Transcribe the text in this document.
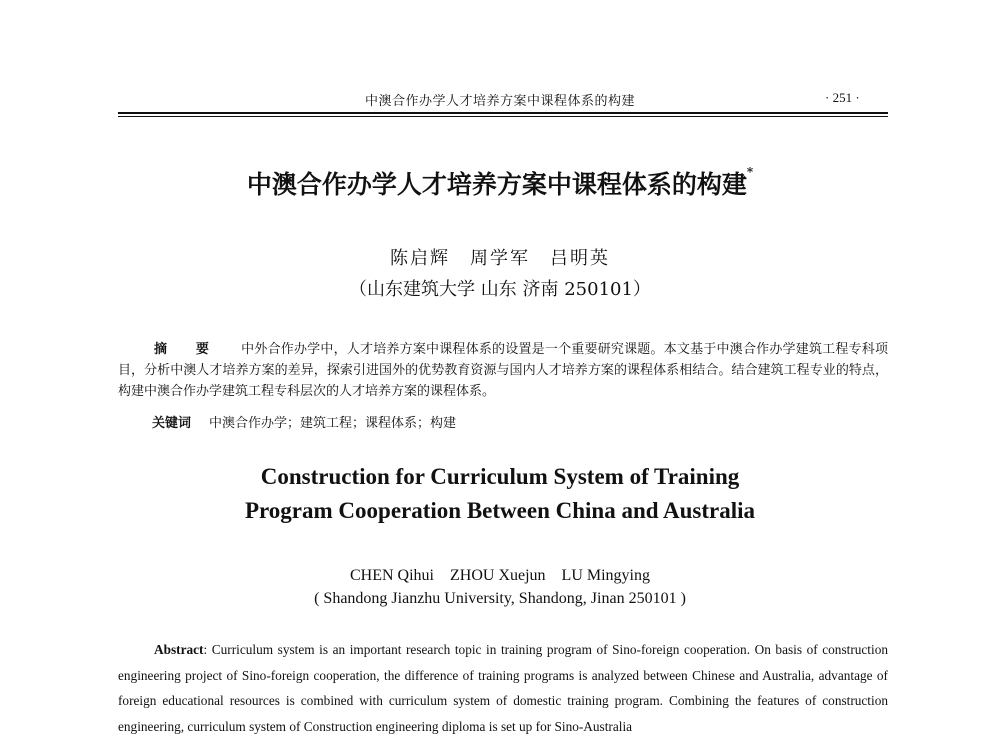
中澳合作办学人才培养方案中课程体系的构建	· 251 ·
中澳合作办学人才培养方案中课程体系的构建*
陈启辉　周学军　吕明英
（山东建筑大学 山东 济南 250101）
摘 要 中外合作办学中，人才培养方案中课程体系的设置是一个重要研究课题。本文基于中澳合作办学建筑工程专科项目，分析中澳人才培养方案的差异，探索引进国外的优势教育资源与国内人才培养方案的课程体系相结合。结合建筑工程专业的特点，构建中澳合作办学建筑工程专科层次的人才培养方案的课程体系。
关键词 中澳合作办学；建筑工程；课程体系；构建
Construction for Curriculum System of Training
Program Cooperation Between China and Australia
CHEN Qihui　ZHOU Xuejun　LU Mingying
( Shandong Jianzhu University, Shandong, Jinan 250101 )
Abstract: Curriculum system is an important research topic in training program of Sino-foreign cooperation. On basis of construction engineering project of Sino-foreign cooperation, the difference of training programs is analyzed between Chinese and Australia, advantage of foreign educational resources is combined with curriculum system of domestic training program. Combining the features of construction engineering, curriculum system of Construction engineering diploma is set up for Sino-Australia
